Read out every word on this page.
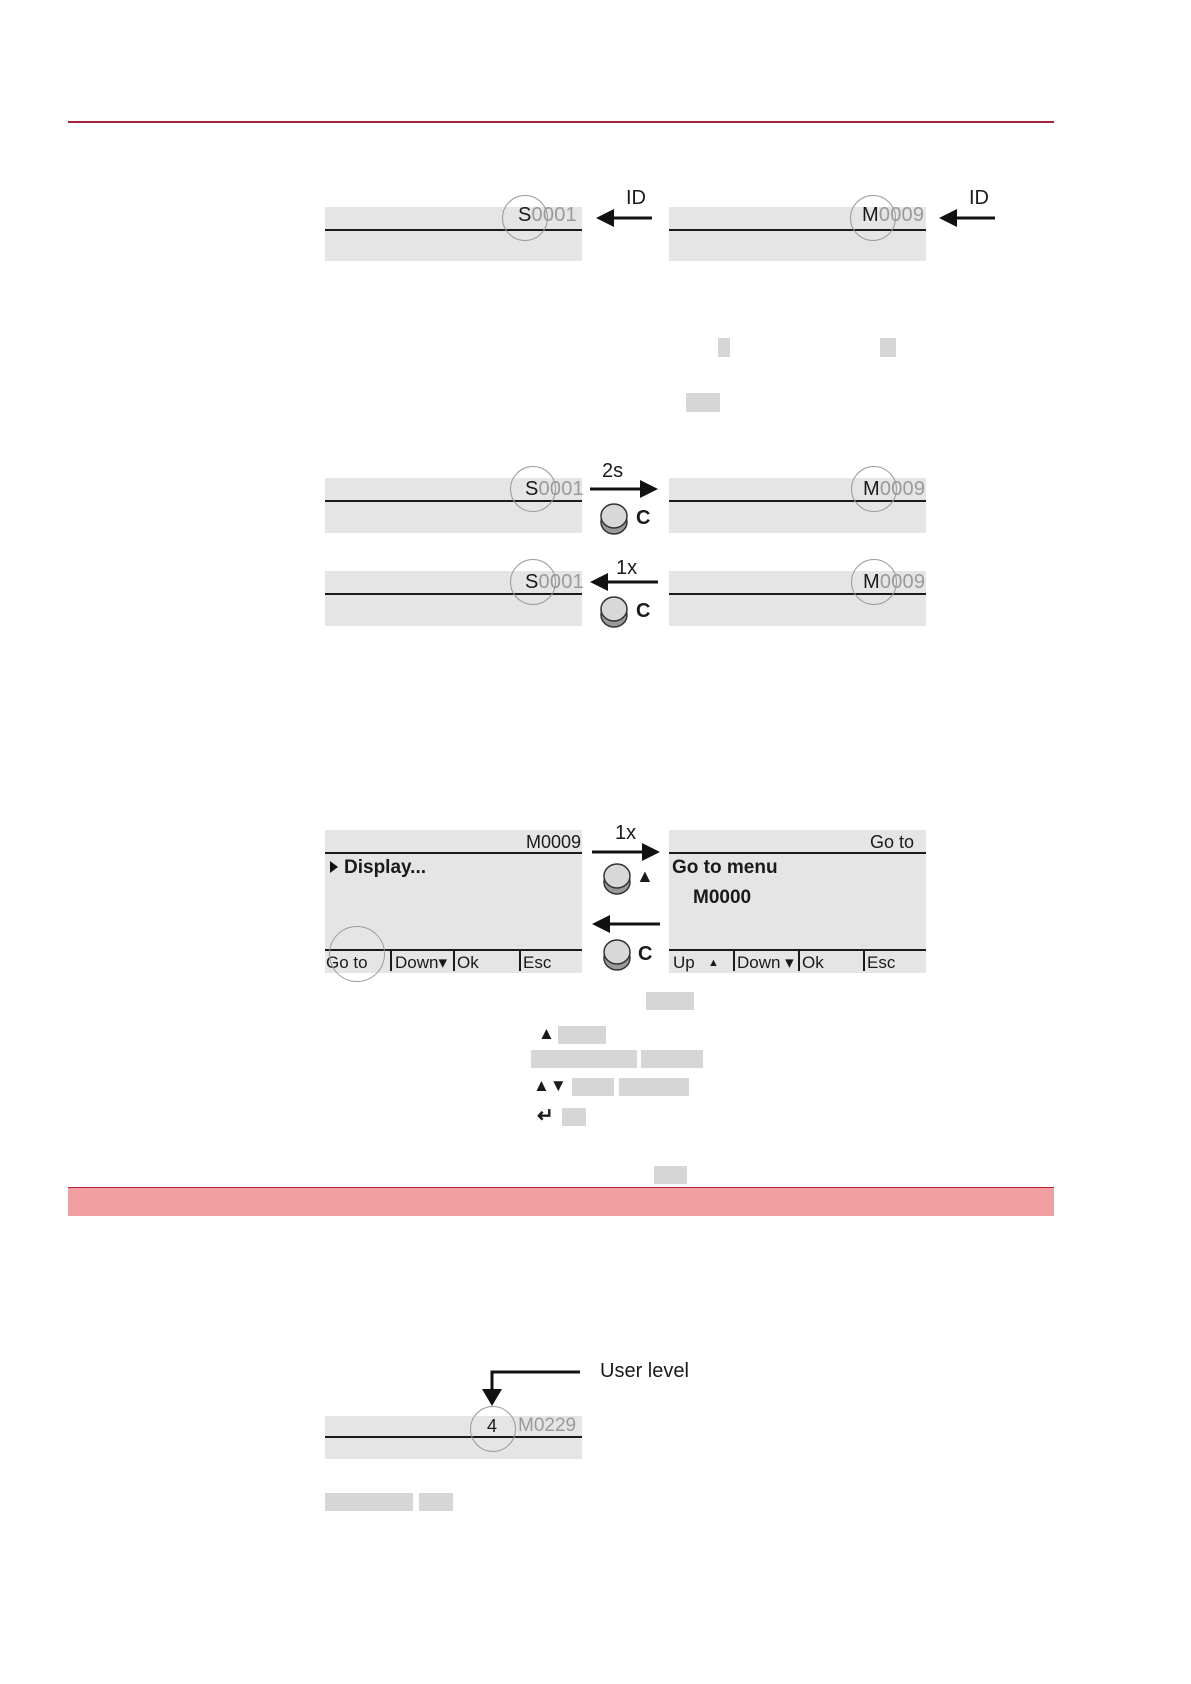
S0001
ID
M0009
ID
S0001
2s
C
M0009
S0001
1x
C
M0009
M0009
Display...
Go to Down▾ Ok	Esc
1x
▲
C
Go to
Go to menu
M0000
Up ▲ Down ▾ Ok	Esc
▲
▲▼
↵
User level
4 M0229
